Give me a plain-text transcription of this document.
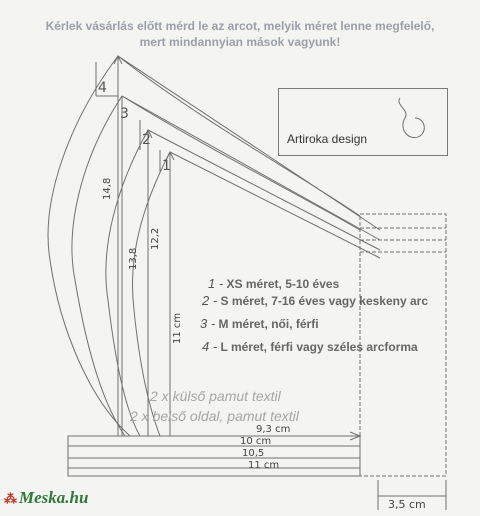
Kérlek vásárlás előtt mérd le az arcot, melyik méret lenne megfelelő,
mert mindannyian mások vagyunk!
4
3
2
1
14,8
13,8
12,2
11 cm
9,3 cm
10 cm
10,5
11 cm
3,5 cm
Artiroka design
1 - XS méret, 5-10 éves
2 - S méret, 7-16 éves vagy keskeny arc
3 - M méret, női, férfi
4 - L méret, férfi vagy széles arcforma
2 x külső pamut textil
2 x belső oldal, pamut textil
⁂ Meska.hu
